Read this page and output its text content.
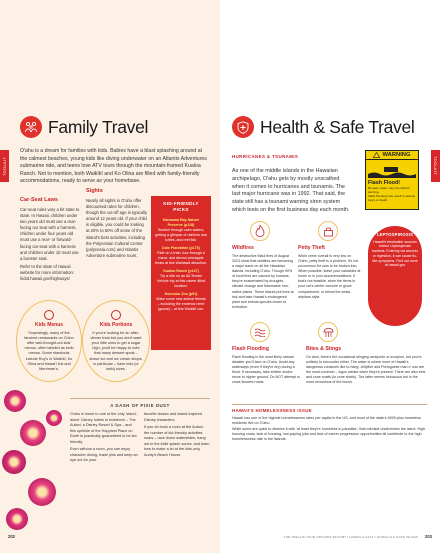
TOOLKIT
Family Travel

O'ahu is a dream for families with kids. Babies have a blast splashing around at the calmest beaches, young kids like diving underwater on an Atlantis Adventures submarine ride, and teens love ATV tours through the mountain-framed Kualoa Ranch. Not to mention, both Waikīkī and Ko Olina are filled with family-friendly accommodations, ready to serve as your homebase.

Car-Seat Laws

Car-seat rules vary a bit state to state. In Hawaii, children under two years old must use a rear-facing car seat with a harness, children under four years old must use a rear- or forward-facing car-seat with a harness and children under 10 must use a booster seat.

Refer to the state of Hawaii website for more information: hidot.hawaii.gov/highways/

Sights

Nearly all sights in O'ahu offer discounted rates for children, though the cut-off age is typically around 12 years old. If your child is eligible, you could be looking at 20% to 50% off some of the island's best activities, including the Polynesian Cultural Center (polynesia.com) and Atlantis Adventure submarine tours.

KID-FRIENDLY PICKS
Hanauma Bay Nature Preserve (p128)
Snorkel through calm waters, getting a glimpse of rainbow sea turtles, and reef fish.
Dole Plantation (p175)
Ride on a train, tour through a maze, and devour pineapple treats at this Wahiawā attraction.
Kualoa Ranch (p147)
Try a ride on an All-Terrain Vehicle trip at this career-filled location.
Honolulu Zoo (p91)
Make some new animal friends – including the endemic nene (goose) – at this Waikīkī zoo.
Kids Menus
Surprisingly, many of the fanciest restaurants on O'ahu offer well-thought-out kids' menus, often labeled as keiki menus. Some standouts include Roy's in Waikīkī, Ko Olina and Hawai'i Kai and Merriman's.
Kids Portions
If you're looking for an after-dinner treat but you don't want your little ones to get a sugar high, you'll be happy to note that many dessert spots – shave ice and ice cream shops, in particular – have kids (or keiki) sizes.
A DASH OF PIXIE DUST

O'ahu is home to one of the only 'stand-alone' Disney hotels in existence – The Aulani, a Disney Resort & Spa – and this sprinkle of the Happiest Place on Earth is practically guaranteed to be kid friendly.

Even without a room, you can enjoy character dining, trade pins and keep an eye out for your

favorite classic and island-inspired Disney characters.

If you do book a room at the Aulani, the number of kid-friendly activities soars – race down waterslides, hang out in the keiki splash zones, and learn how to make a lei at the kids-only Aunty's Beach House.

202
TOOLKIT
Health & Safe Travel
HURRICANES & TSUNAMIS

As one of the middle islands in the Hawaiian archipelago, O'ahu gets by mostly unscathed when it comes to hurricanes and tsunamis. The last major hurricane was in 1992. That said, the state still has a tsunami warning siren system which tests on the first business day each month.

WARNING
Flash Flood!
Be alert; water may rise without warning.
Flash flooding may result in serious injury or death.
Wildfires
The destructive Maui fires of August 2023 show that wildfires are becoming a major issue on all the Hawaiian islands, including O'ahu. Though 90% of local fires are caused by humans, they're exacerbated by droughts, climate change and flammable non-native plants. These blazes put lives at risk and take Hawaii's endangered plant and animal species closer to extinction.
Petty Theft
While crime overall is very low on O'ahu, petty theft is a problem. It's not uncommon for cars to be broken into. When possible, leave your valuables at home or in your accommodations. If that's not feasible, store the items in your car's center console or glove compartment, or below the seats, airplane-style.
LEPTOSPIROSIS
Hawaii's freshwater sources harbor Leptospirosis bacteria. Entering via wounds or ingestion, it can cause flu-like symptoms. Find out more at hawaii.gov
Flash Flooding
Flash flooding is the most likely natural disaster you'll face on O'ahu. Avoid any waterways (even if they're dry) during a flood. If necessary, take shelter and/or move to higher ground. Do NOT attempt to cross flooded roads.
Bites & Stings
On land, there's the occasional stinging centipede or scorpion, but you're unlikely to encounter either. The water is where more of Hawaii's dangerous creatures like to hang. Jellyfish and Portuguese man o' war are the most common – signs advise when they're present. There are also eels and cone snails (in cone shells). The latter seems innocuous but is the most venomous of the bunch.
HAWAII'S HOMELESSNESS ISSUE

Hawaii has one of the highest homelessness rates per capita in the US, and most of the state's 6000-plus homeless residents live on O'ahu.

While some are quick to dismiss it with 'at least they're homeless in paradise,' that mindset undermines the issue. High housing costs, lack of housing, low-paying jobs and lack of career progression opportunities all contribute to the high homelessness rate in the islands.

THE TRELLIS YOUR ORCHIDS BLOOM? / HAWAII & HALF / HONOLULU GATE ISLAND 203
